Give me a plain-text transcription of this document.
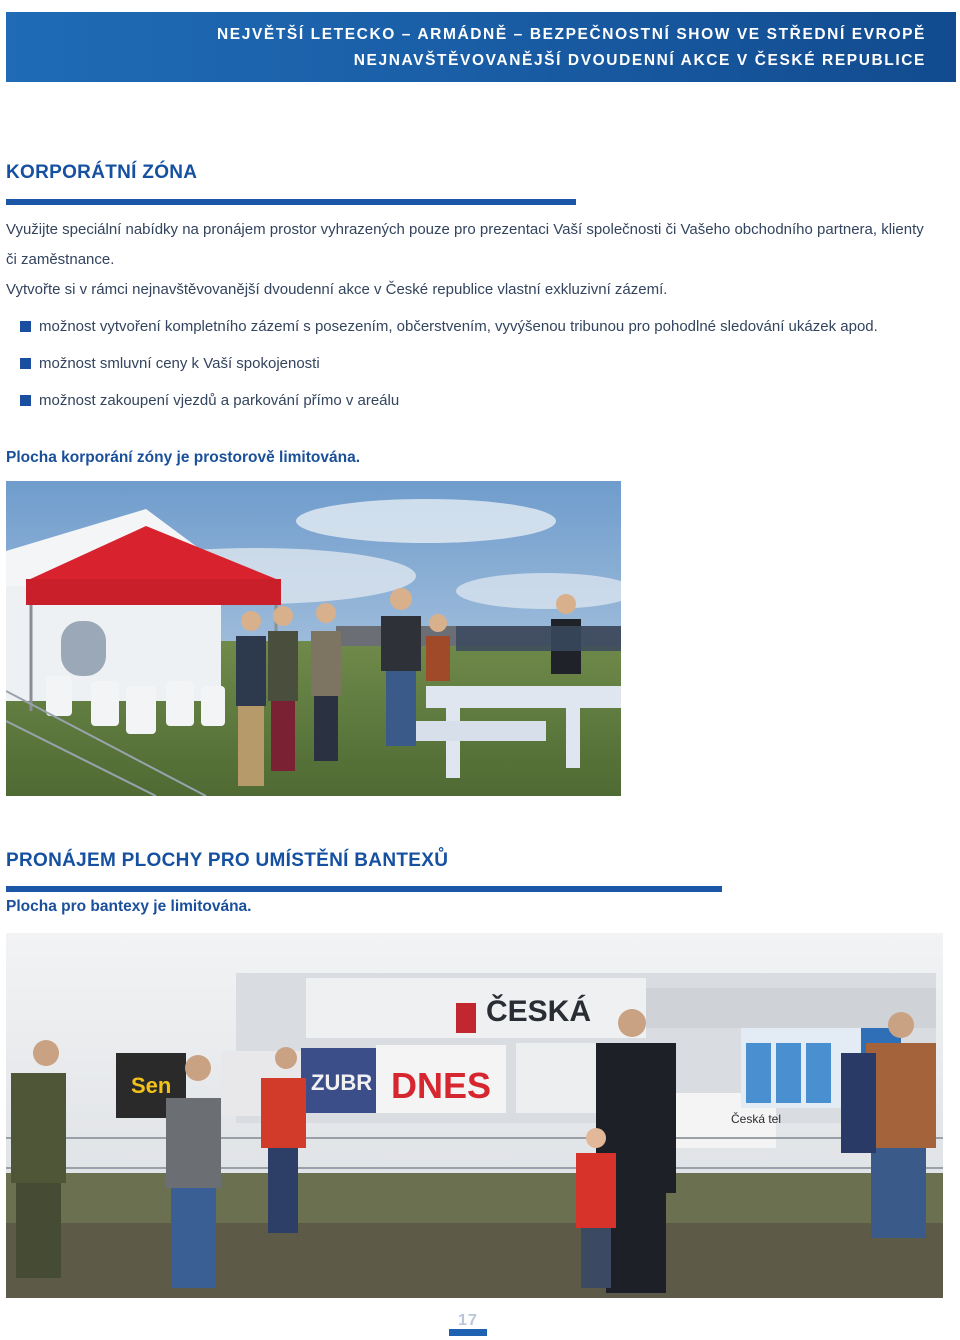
NEJVĚTŠÍ LETECKO – ARMÁDNĚ – BEZPEČNOSTNÍ SHOW VE STŘEDNÍ EVROPĚ
NEJNAVŠTĚVOVANĚJŠÍ DVOUDENNÍ AKCE V ČESKÉ REPUBLICE
KORPORÁTNÍ ZÓNA

Využijte speciální nabídky na pronájem prostor vyhrazených pouze pro prezentaci Vaší společnosti či Vašeho obchodního partnera, klienty či zaměstnance.

Vytvořte si v rámci nejnavštěvovanější dvoudenní akce v České republice vlastní exkluzivní zázemí.

možnost vytvoření kompletního zázemí s posezením, občerstvením, vyvýšenou tribunou pro pohodlné sledování ukázek apod.
možnost smluvní ceny k Vaší spokojenosti
možnost zakoupení vjezdů a parkování přímo v areálu
Plocha korporání zóny je prostorově limitována.
PRONÁJEM PLOCHY PRO UMÍSTĚNÍ BANTEXŮ
Plocha pro bantexy je limitována.
ČESKÁ
Sen	ZUBR DNES
Česká tel
17
